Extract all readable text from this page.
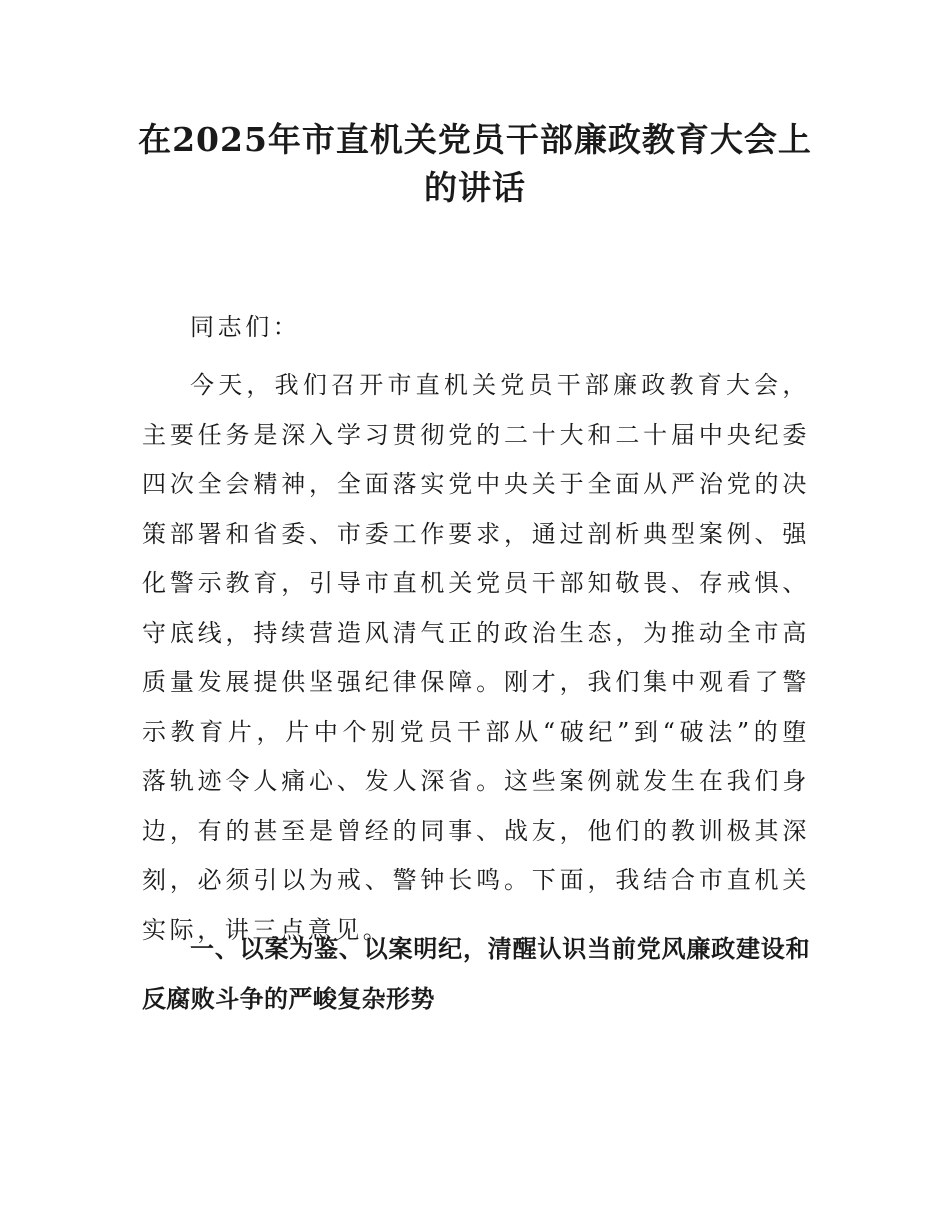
在2025年市直机关党员干部廉政教育大会上的讲话

同志们：

今天，我们召开市直机关党员干部廉政教育大会，主要任务是深入学习贯彻党的二十大和二十届中央纪委四次全会精神，全面落实党中央关于全面从严治党的决策部署和省委、市委工作要求，通过剖析典型案例、强化警示教育，引导市直机关党员干部知敬畏、存戒惧、守底线，持续营造风清气正的政治生态，为推动全市高质量发展提供坚强纪律保障。刚才，我们集中观看了警示教育片，片中个别党员干部从“破纪”到“破法”的堕落轨迹令人痛心、发人深省。这些案例就发生在我们身边，有的甚至是曾经的同事、战友，他们的教训极其深刻，必须引以为戒、警钟长鸣。下面，我结合市直机关实际，讲三点意见。

一、以案为鉴、以案明纪，清醒认识当前党风廉政建设和反腐败斗争的严峻复杂形势
